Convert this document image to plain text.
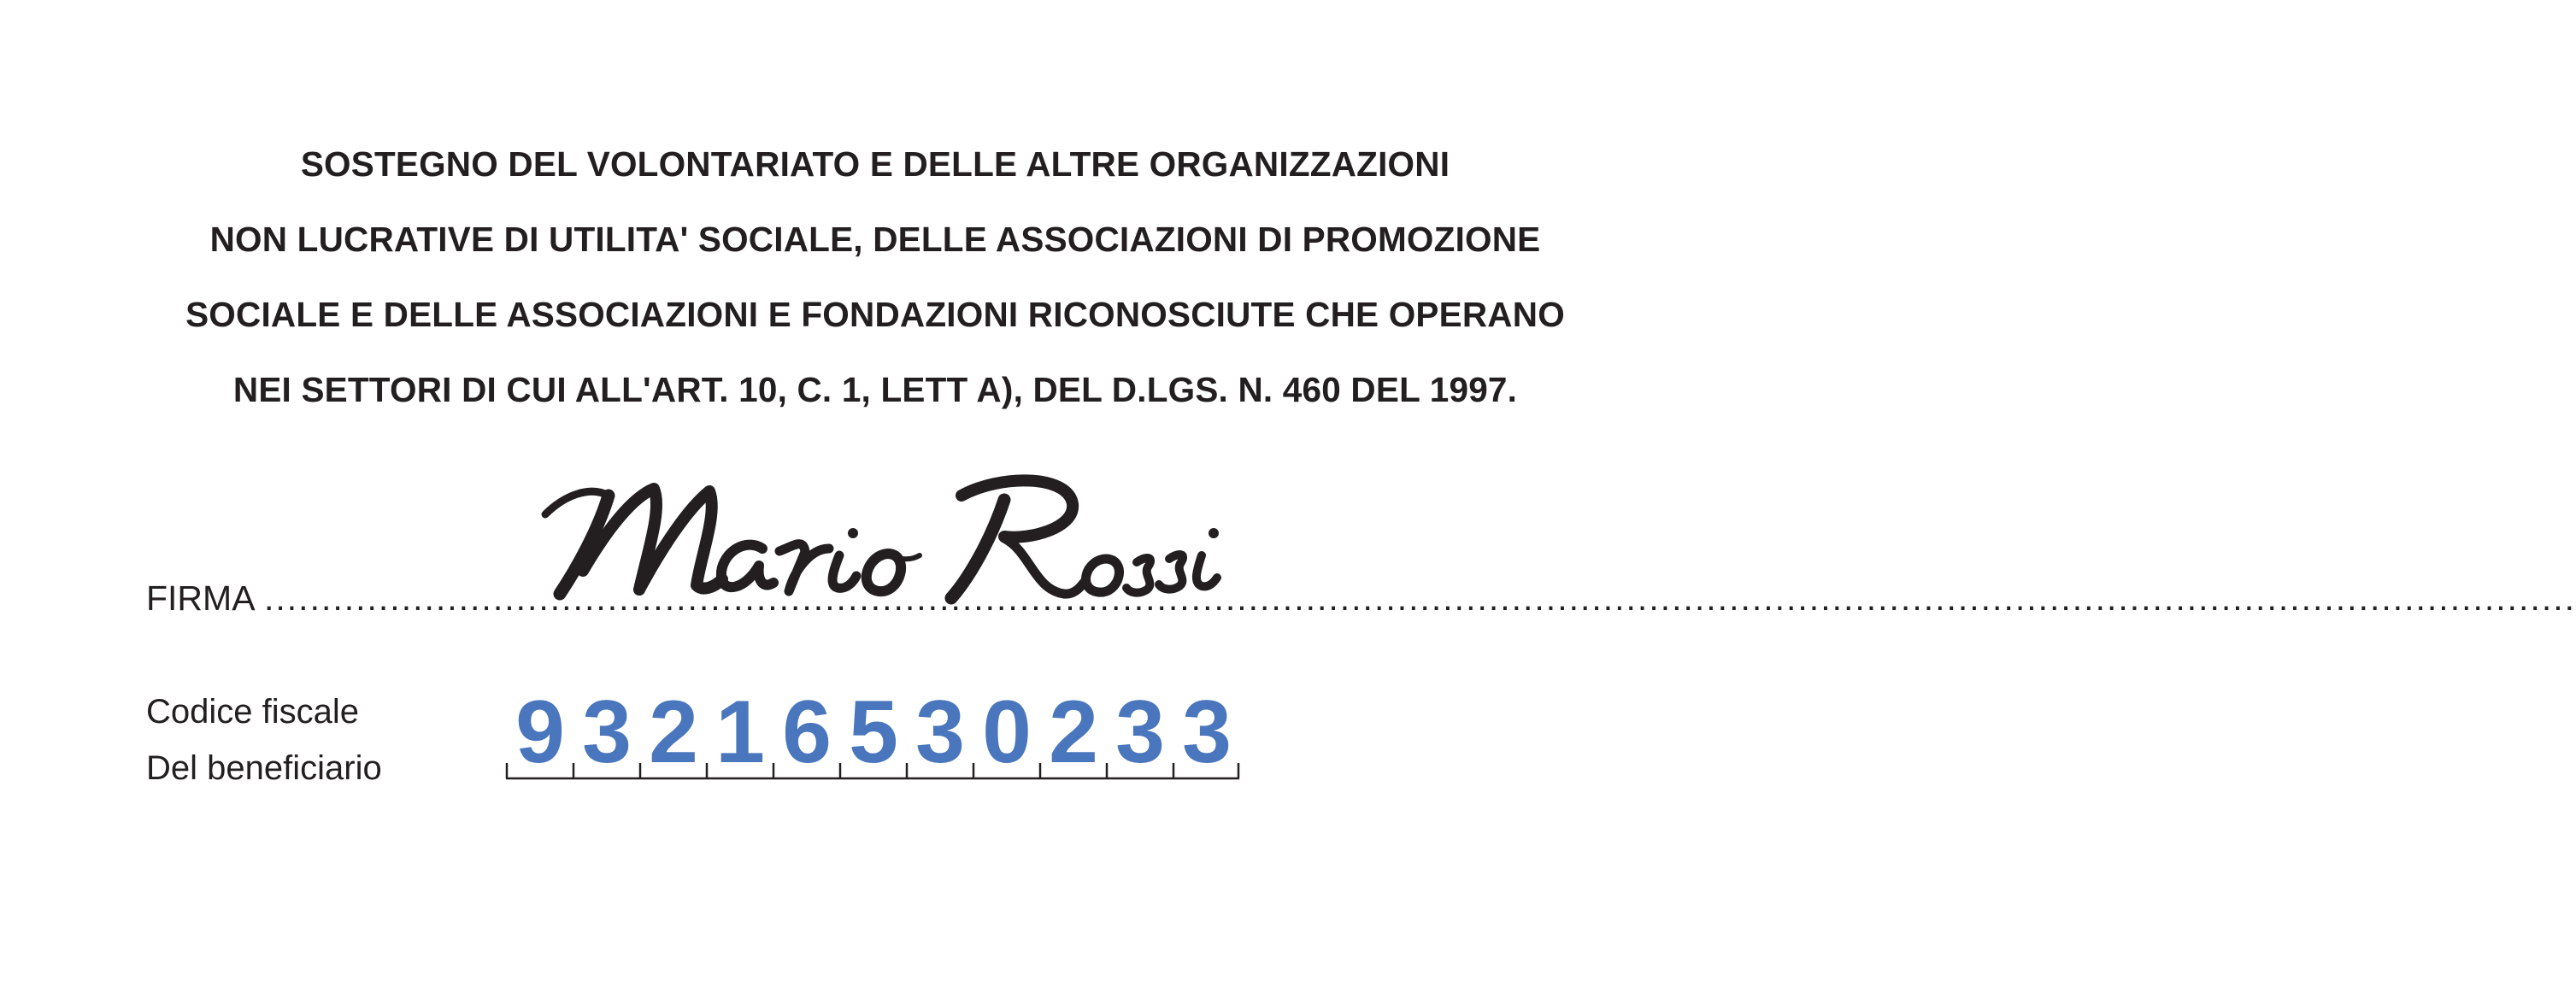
SOSTEGNO DEL VOLONTARIATO E DELLE ALTRE ORGANIZZAZIONI
NON LUCRATIVE DI UTILITA' SOCIALE, DELLE ASSOCIAZIONI DI PROMOZIONE
SOCIALE E DELLE ASSOCIAZIONI E FONDAZIONI RICONOSCIUTE CHE OPERANO
NEI SETTORI DI CUI ALL'ART. 10, C. 1, LETT A), DEL D.LGS. N. 460 DEL 1997.
FIRMA ..........................................................................................................................................................................................................
Codice fiscale
Del beneficiario 9 3 2 1 6 5 3 0 2 3 3
